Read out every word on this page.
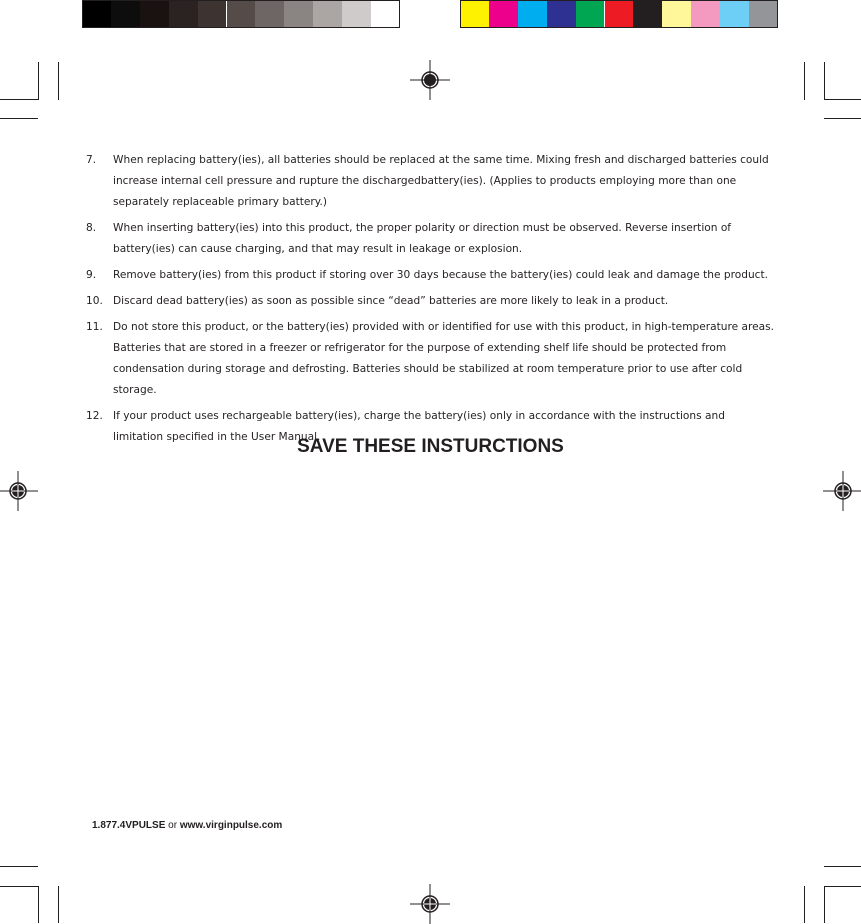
7.	When replacing battery(ies), all batteries should be replaced at the same time. Mixing fresh and discharged batteries could increase internal cell pressure and rupture the dischargedbattery(ies). (Applies to products employing more than one separately replaceable primary battery.)
8.	When inserting battery(ies) into this product, the proper polarity or direction must be observed. Reverse insertion of battery(ies) can cause charging, and that may result in leakage or explosion.
9.	Remove battery(ies) from this product if storing over 30 days because the battery(ies) could leak and damage the product.
10. Discard dead battery(ies) as soon as possible since “dead” batteries are more likely to leak in a product.
11. Do not store this product, or the battery(ies) provided with or identified for use with this product, in high-temperature areas. Batteries that are stored in a freezer or refrigerator for the purpose of extending shelf life should be protected from condensation during storage and defrosting. Batteries should be stabilized at room temperature prior to use after cold storage.
12. If your product uses rechargeable battery(ies), charge the battery(ies) only in accordance with the instructions and limitation specified in the User Manual.
SAVE THESE INSTURCTIONS
1.877.4VPULSE or www.virginpulse.com
